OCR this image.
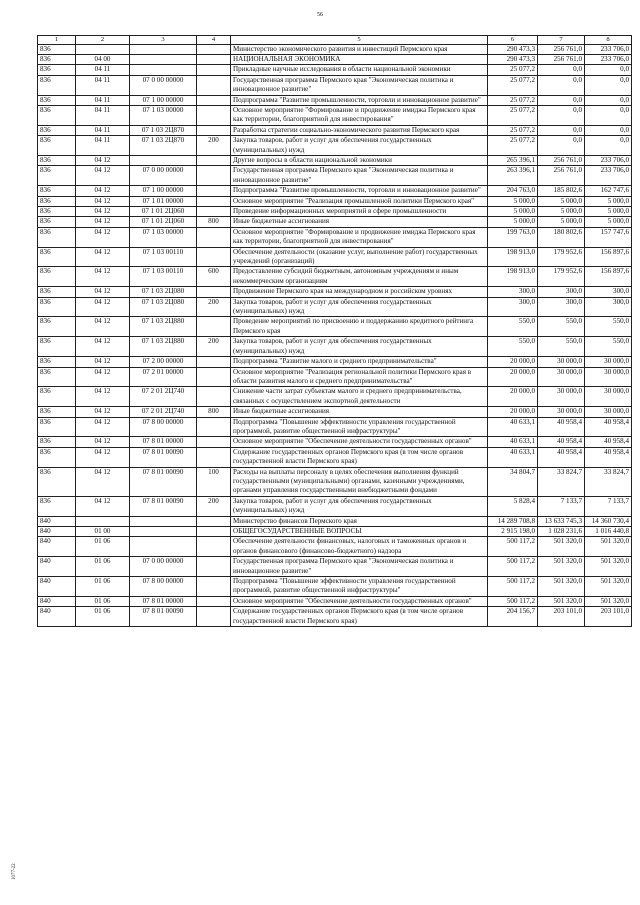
56
1	2	3	4	5	6	7	8
836				Министерство экономического развития и инвестиций Пермского края	290 473,3	256 761,0	233 706,0
836	04 00			НАЦИОНАЛЬНАЯ ЭКОНОМИКА	290 473,3	256 761,0	233 706,0
836	04 11			Прикладные научные исследования в области национальной экономики	25 077,2	0,0	0,0
836	04 11	07 0 00 00000		Государственная программа Пермского края "Экономическая политика и инновационное развитие"	25 077,2	0,0	0,0
836	04 11	07 1 00 00000		Подпрограмма "Развитие промышленности, торговли и инновационное развитие"	25 077,2	0,0	0,0
836	04 11	07 1 03 00000		Основное мероприятие "Формирование и продвижение имиджа Пермского края как территории, благоприятной для инвестирования"	25 077,2	0,0	0,0
836	04 11	07 1 03 2Ц870		Разработка стратегии социально-экономического развития Пермского края	25 077,2	0,0	0,0
836	04 11	07 1 03 2Ц870	200	Закупка товаров, работ и услуг для обеспечения государственных (муниципальных) нужд	25 077,2	0,0	0,0
836	04 12			Другие вопросы в области национальной экономики	265 396,1	256 761,0	233 706,0
836	04 12	07 0 00 00000		Государственная программа Пермского края "Экономическая политика и инновационное развитие"	263 396,1	256 761,0	233 706,0
836	04 12	07 1 00 00000		Подпрограмма "Развитие промышленности, торговли и инновационное развитие"	204 763,0	185 802,6	162 747,6
836	04 12	07 1 01 00000		Основное мероприятие "Реализация промышленной политики Пермского края"	5 000,0	5 000,0	5 000,0
836	04 12	07 1 01 2Ц060		Проведение информационных мероприятий в сфере промышленности	5 000,0	5 000,0	5 000,0
836	04 12	07 1 01 2Ц060	800	Иные бюджетные ассигнования	5 000,0	5 000,0	5 000,0
836	04 12	07 1 03 00000		Основное мероприятие "Формирование и продвижение имиджа Пермского края как территории, благоприятной для инвестирования"	199 763,0	180 802,6	157 747,6
836	04 12	07 1 03 00110		Обеспечение деятельности (оказание услуг, выполнение работ) государственных учреждений (организаций)	198 913,0	179 952,6	156 897,6
836	04 12	07 1 03 00110	600	Предоставление субсидий бюджетным, автономным учреждениям и иным некоммерческим организациям	198 913,0	179 952,6	156 897,6
836	04 12	07 1 03 2Ц080		Продвижение Пермского края на международном и российском уровнях	300,0	300,0	300,0
836	04 12	07 1 03 2Ц080	200	Закупка товаров, работ и услуг для обеспечения государственных (муниципальных) нужд	300,0	300,0	300,0
836	04 12	07 1 03 2Ц880		Проведение мероприятий по присвоению и поддержанию кредитного рейтинга Пермского края	550,0	550,0	550,0
836	04 12	07 1 03 2Ц880	200	Закупка товаров, работ и услуг для обеспечения государственных (муниципальных) нужд	550,0	550,0	550,0
836	04 12	07 2 00 00000		Подпрограмма "Развитие малого и среднего предпринимательства"	20 000,0	30 000,0	30 000,0
836	04 12	07 2 01 00000		Основное мероприятие "Реализация региональной политики Пермского края в области развития малого и среднего предпринимательства"	20 000,0	30 000,0	30 000,0
836	04 12	07 2 01 2Ц740		Снижение части затрат субъектам малого и среднего предпринимательства, связанных с осуществлением экспортной деятельности	20 000,0	30 000,0	30 000,0
836	04 12	07 2 01 2Ц740	800	Иные бюджетные ассигнования	20 000,0	30 000,0	30 000,0
836	04 12	07 8 00 00000		Подпрограмма "Повышение эффективности управления государственной программой, развитие общественной инфраструктуры"	40 633,1	40 958,4	40 958,4
836	04 12	07 8 01 00000		Основное мероприятие "Обеспечение деятельности государственных органов"	40 633,1	40 958,4	40 958,4
836	04 12	07 8 01 00090		Содержание государственных органов Пермского края (в том числе органов государственной власти Пермского края)	40 633,1	40 958,4	40 958,4
836	04 12	07 8 01 00090	100	Расходы на выплаты персоналу в целях обеспечения выполнения функций государственными (муниципальными) органами, казенными учреждениями, органами управления государственными внебюджетными фондами	34 804,7	33 824,7	33 824,7
836	04 12	07 8 01 00090	200	Закупка товаров, работ и услуг для обеспечения государственных (муниципальных) нужд	5 828,4	7 133,7	7 133,7
840				Министерство финансов Пермского края	14 289 708,8	13 633 745,3	14 360 730,4
840	01 00			ОБЩЕГОСУДАРСТВЕННЫЕ ВОПРОСЫ	2 915 198,0	1 028 231,6	1 016 440,8
840	01 06			Обеспечение деятельности финансовых, налоговых и таможенных органов и органов финансового (финансово-бюджетного) надзора	500 117,2	501 320,0	501 320,0
840	01 06	07 0 00 00000		Государственная программа Пермского края "Экономическая политика и инновационное развитие"	500 117,2	501 320,0	501 320,0
840	01 06	07 8 00 00000		Подпрограмма "Повышение эффективности управления государственной программой, развитие общественной инфраструктуры"	500 117,2	501 320,0	501 320,0
840	01 06	07 8 01 00000		Основное мероприятие "Обеспечение деятельности государственных органов"	500 117,2	501 320,0	501 320,0
840	01 06	07 8 01 00090		Содержание государственных органов Пермского края (в том числе органов государственной власти Пермского края)	204 156,7	203 101,0	203 101,0
1077-22
